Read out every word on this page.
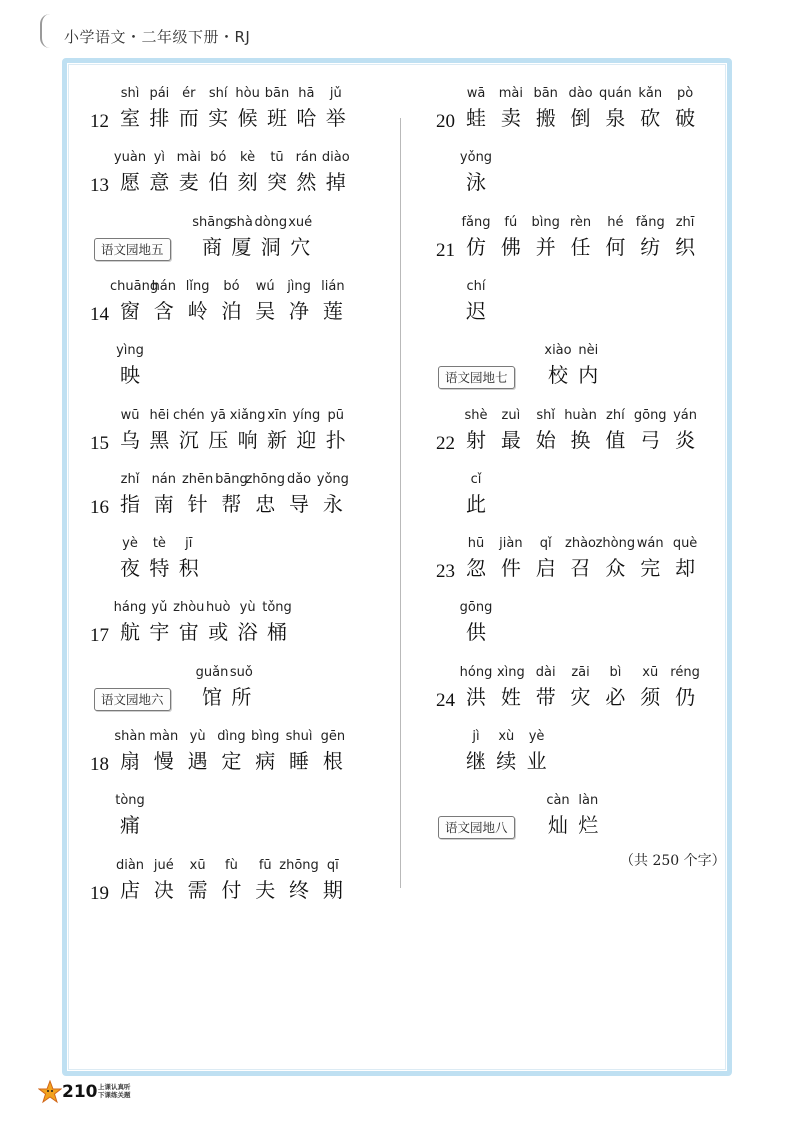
小学语文・二年级下册・RJ
12
shì
室
pái
排
ér
而
shí
实
hòu
候
bān
班
hā
哈
jǔ
举
13
yuàn
愿
yì
意
mài
麦
bó
伯
kè
刻
tū
突
rán
然
diào
掉
语文园地五
shāng
商
shà
厦
dòng
洞
xué
穴
14
chuāng
窗
hán
含
lǐng
岭
bó
泊
wú
吴
jìng
净
lián
莲
yìng
映
15
wū
乌
hēi
黑
chén
沉
yā
压
xiǎng
响
xīn
新
yíng
迎
pū
扑
16
zhǐ
指
nán
南
zhēn
针
bāng
帮
zhōng
忠
dǎo
导
yǒng
永
yè
夜
tè
特
jī
积
17
háng
航
yǔ
宇
zhòu
宙
huò
或
yù
浴
tǒng
桶
语文园地六
guǎn
馆
suǒ
所
18
shàn
扇
màn
慢
yù
遇
dìng
定
bìng
病
shuì
睡
gēn
根
tòng
痛
19
diàn
店
jué
决
xū
需
fù
付
fū
夫
zhōng
终
qī
期
20
wā
蛙
mài
卖
bān
搬
dào
倒
quán
泉
kǎn
砍
pò
破
yǒng
泳
21
fǎng
仿
fú
佛
bìng
并
rèn
任
hé
何
fǎng
纺
zhī
织
chí
迟
语文园地七
xiào
校
nèi
内
22
shè
射
zuì
最
shǐ
始
huàn
换
zhí
值
gōng
弓
yán
炎
cǐ
此
23
hū
忽
jiàn
件
qǐ
启
zhào
召
zhòng
众
wán
完
què
却
gōng
供
24
hóng
洪
xìng
姓
dài
带
zāi
灾
bì
必
xū
须
réng
仍
jì
继
xù
续
yè
业
语文园地八
càn
灿
làn
烂
（共 250 个字）
210 上课认真听
下课练关题
